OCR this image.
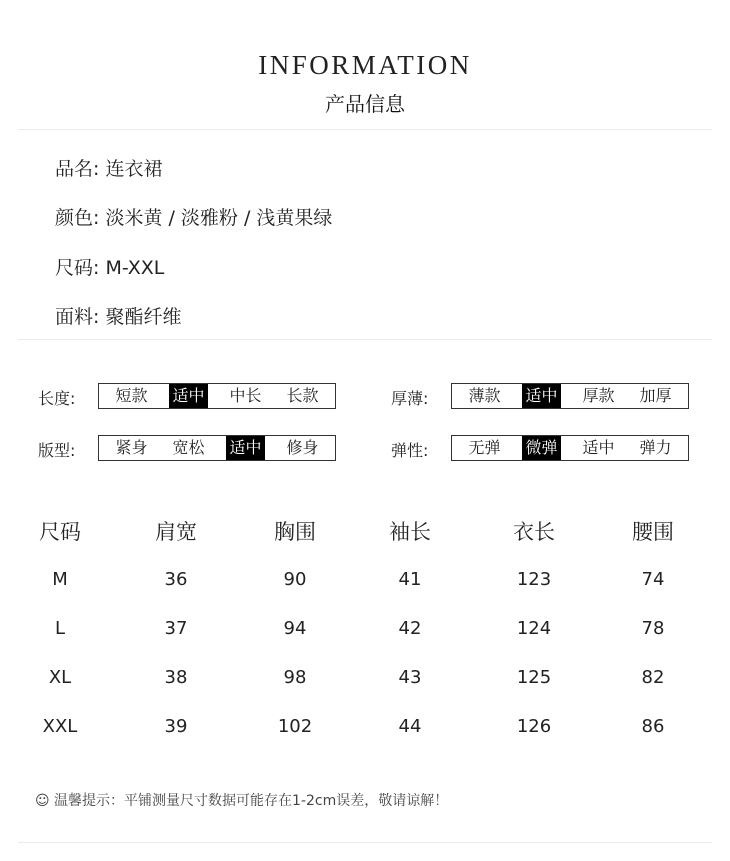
INFORMATION
产品信息
品名: 连衣裙
颜色: 淡米黄 / 淡雅粉 / 浅黄果绿
尺码: M-XXL
面料: 聚酯纤维
长度:	短款 适中 中长 长款	厚薄:	薄款 适中 厚款 加厚
版型:	紧身 宽松 适中 修身	弹性:	无弹 微弹 适中 弹力
尺码	肩宽	胸围	袖长	衣长	腰围
M	36	90	41	123	74
L	37	94	42	124	78
XL	38	98	43	125	82
XXL	39	102	44	126	86
☺ 温馨提示：平铺测量尺寸数据可能存在1-2cm误差，敬请谅解！
